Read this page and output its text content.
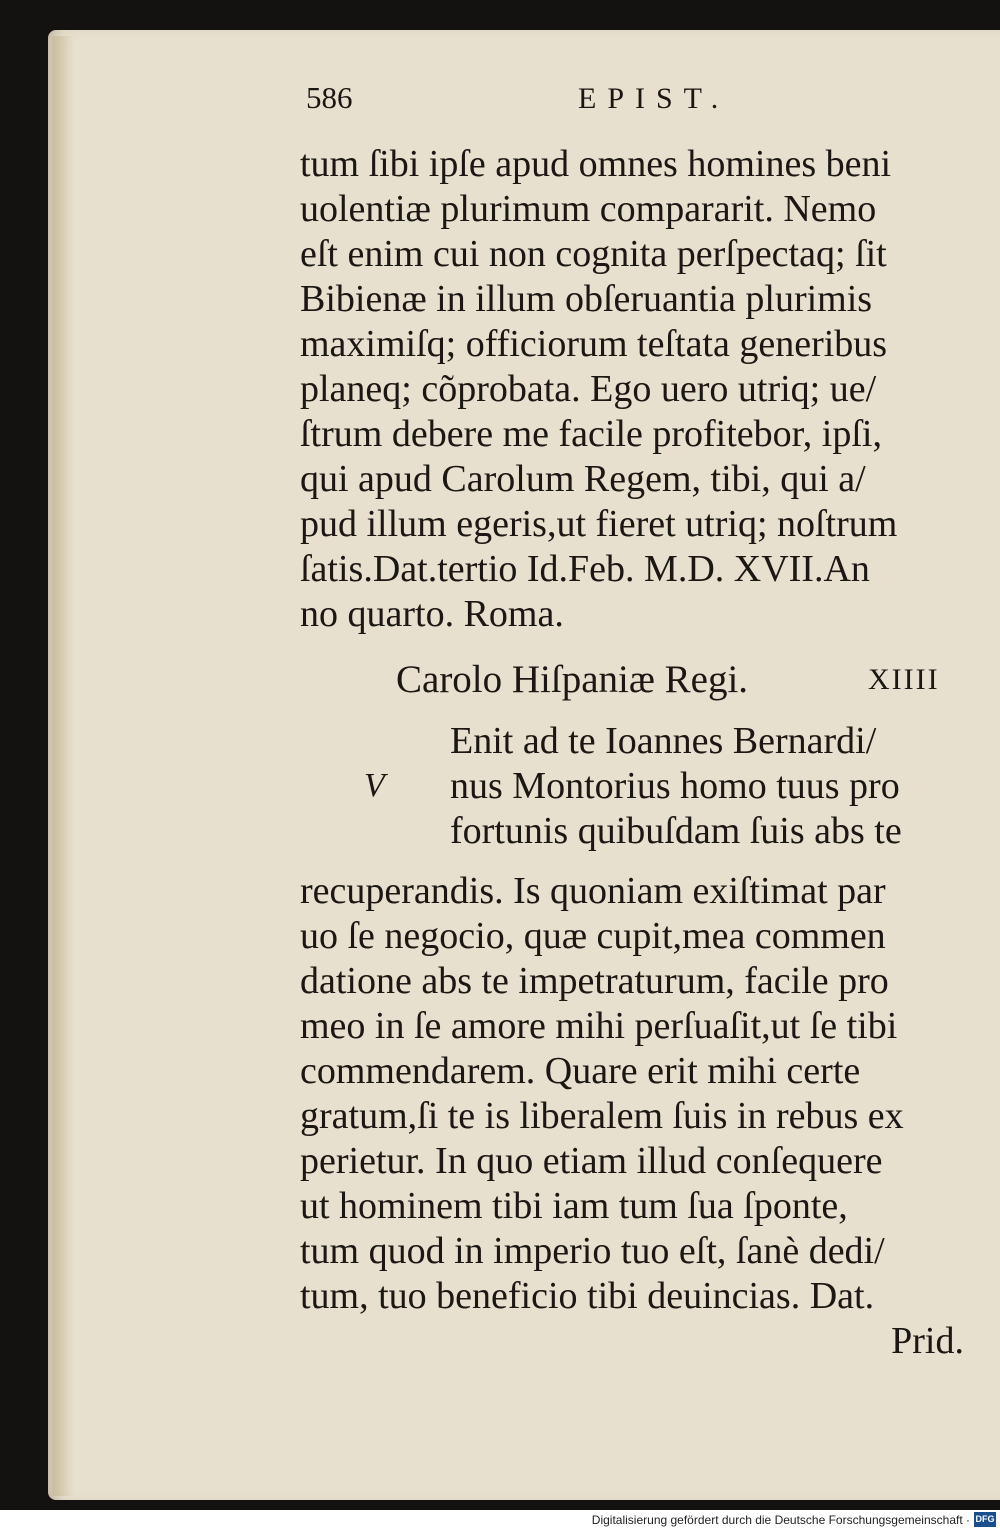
586	EPIST.
tum ſibi ipſe apud omnes homines beni
uolentiæ plurimum compararit. Nemo
eſt enim cui non cognita perſpectaq; ſit
Bibienæ in illum obſeruantia plurimis
maximiſq; officiorum teſtata generibus
planeq; cõprobata. Ego uero utriq; ue/
ſtrum debere me facile profitebor, ipſi,
qui apud Carolum Regem, tibi, qui a/
pud illum egeris,ut fieret utriq; noſtrum
ſatis.Dat.tertio Id.Feb. M.D. XVII.An
no quarto. Roma.
Carolo Hiſpaniæ Regi.	XIIII
V
Enit ad te Ioannes Bernardi/
nus Montorius homo tuus pro
fortunis quibuſdam ſuis abs te
recuperandis. Is quoniam exiſtimat par
uo ſe negocio, quæ cupit,mea commen
datione abs te impetraturum, facile pro
meo in ſe amore mihi perſuaſit,ut ſe tibi
commendarem. Quare erit mihi certe
gratum,ſi te is liberalem ſuis in rebus ex
perietur. In quo etiam illud conſequere
ut hominem tibi iam tum ſua ſponte,
tum quod in imperio tuo eſt, ſanè dedi/
tum, tuo beneficio tibi deuincias. Dat.
Prid.
Digitalisierung gefördert durch die Deutsche Forschungsgemeinschaft · DFG
